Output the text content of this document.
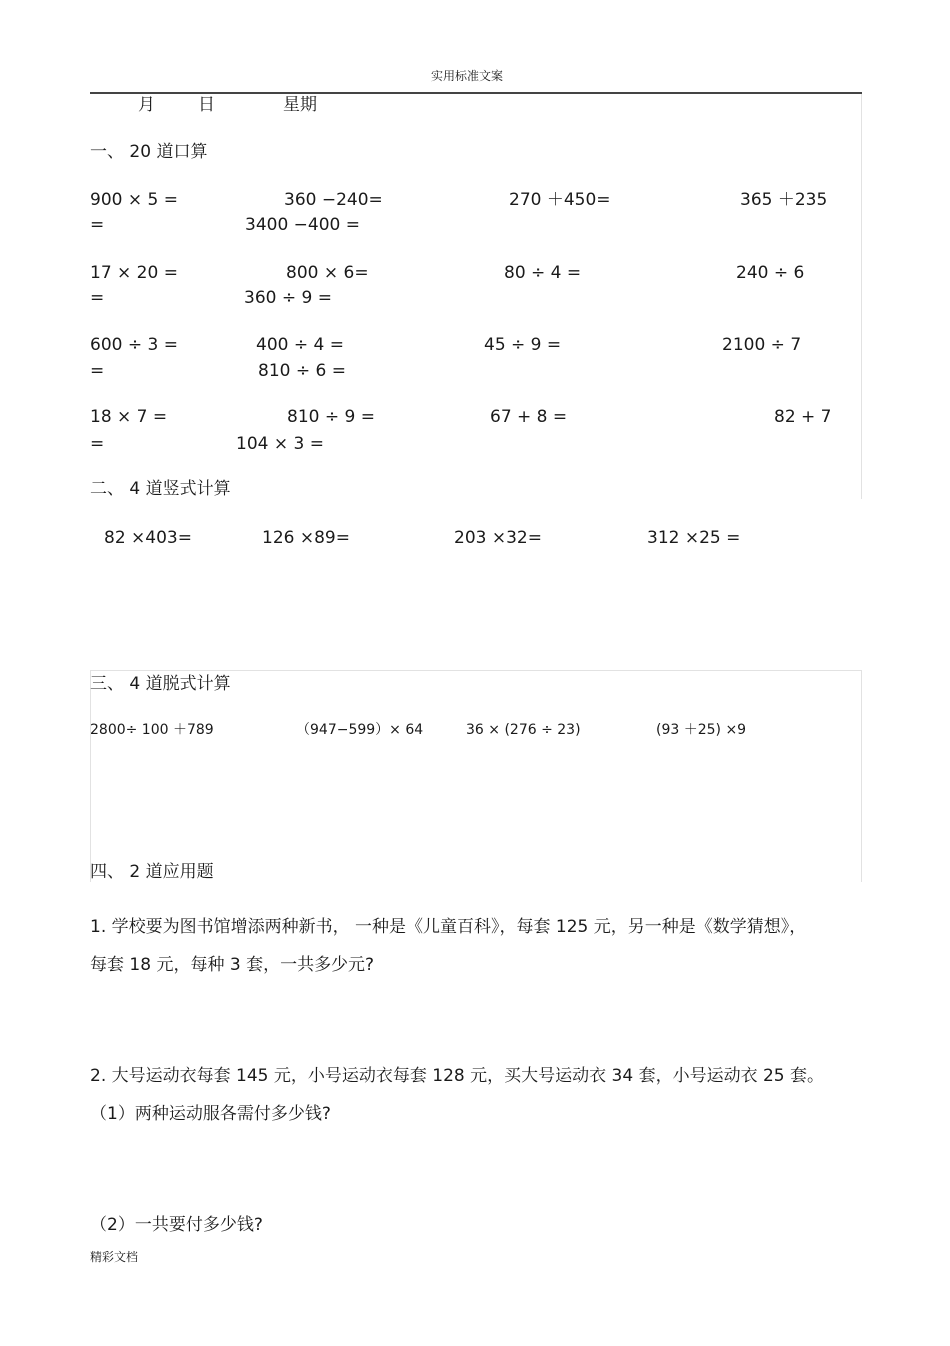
实用标准文案
月	日	星期
一、 20 道口算
900 × 5 =	360 −240=	270 ＋450=	365 ＋235
=	3400 −400 =
17 × 20 =	800 × 6=	80 ÷ 4 =	240 ÷ 6
=	360 ÷ 9 =
600 ÷ 3 =	400 ÷ 4 =	45 ÷ 9 =	2100 ÷ 7
=	810 ÷ 6 =
18 × 7 =	810 ÷ 9 =	67 + 8 =	82 + 7
=	104 × 3 =
二、 4 道竖式计算
82 ×403=	126 ×89=	203 ×32=	312 ×25 =
三、 4 道脱式计算
2800÷ 100 ＋789	（947−599）× 64	36 × (276 ÷ 23)	(93 ＋25) ×9
四、 2 道应用题
1. 学校要为图书馆增添两种新书， 一种是《儿童百科》，每套 125 元，另一种是《数学猜想》，
每套 18 元，每种 3 套，一共多少元?
2. 大号运动衣每套 145 元，小号运动衣每套 128 元，买大号运动衣 34 套，小号运动衣 25 套。
（1）两种运动服各需付多少钱?
（2）一共要付多少钱?
精彩文档
